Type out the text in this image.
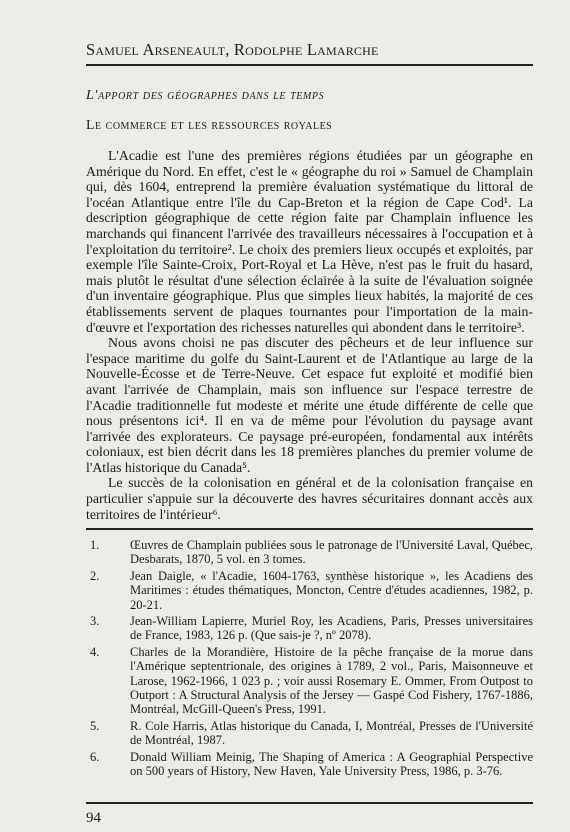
Samuel Arseneault, Rodolphe Lamarche
L'apport des géographes dans le temps
Le commerce et les ressources royales

L'Acadie est l'une des premières régions étudiées par un géographe en Amérique du Nord. En effet, c'est le « géographe du roi » Samuel de Champlain qui, dès 1604, entreprend la première évaluation systématique du littoral de l'océan Atlantique entre l'île du Cap-Breton et la région de Cape Cod¹. La description géographique de cette région faite par Champlain influence les marchands qui financent l'arrivée des travailleurs nécessaires à l'occupation et à l'exploitation du territoire². Le choix des premiers lieux occupés et exploités, par exemple l'île Sainte-Croix, Port-Royal et La Hève, n'est pas le fruit du hasard, mais plutôt le résultat d'une sélection éclairée à la suite de l'évaluation soignée d'un inventaire géographique. Plus que simples lieux habités, la majorité de ces établissements servent de plaques tournantes pour l'importation de la main-d'œuvre et l'exportation des richesses naturelles qui abondent dans le territoire³.

Nous avons choisi ne pas discuter des pêcheurs et de leur influence sur l'espace maritime du golfe du Saint-Laurent et de l'Atlantique au large de la Nouvelle-Écosse et de Terre-Neuve. Cet espace fut exploité et modifié bien avant l'arrivée de Champlain, mais son influence sur l'espace terrestre de l'Acadie traditionnelle fut modeste et mérite une étude différente de celle que nous présentons ici⁴. Il en va de même pour l'évolution du paysage avant l'arrivée des explorateurs. Ce paysage pré-européen, fondamental aux intérêts coloniaux, est bien décrit dans les 18 premières planches du premier volume de l'Atlas historique du Canada⁵.

Le succès de la colonisation en général et de la colonisation française en particulier s'appuie sur la découverte des havres sécuritaires donnant accès aux territoires de l'intérieur⁶.

1.	Œuvres de Champlain publiées sous le patronage de l'Université Laval, Québec, Desbarats, 1870, 5 vol. en 3 tomes.
2.	Jean Daigle, « l'Acadie, 1604-1763, synthèse historique », les Acadiens des Maritimes : études thématiques, Moncton, Centre d'études acadiennes, 1982, p. 20-21.
3.	Jean-William Lapierre, Muriel Roy, les Acadiens, Paris, Presses universitaires de France, 1983, 126 p. (Que sais-je ?, nº 2078).
4.	Charles de la Morandière, Histoire de la pêche française de la morue dans l'Amérique septentrionale, des origines à 1789, 2 vol., Paris, Maisonneuve et Larose, 1962-1966, 1 023 p. ; voir aussi Rosemary E. Ommer, From Outpost to Outport : A Structural Analysis of the Jersey — Gaspé Cod Fishery, 1767-1886, Montréal, McGill-Queen's Press, 1991.
5.	R. Cole Harris, Atlas historique du Canada, I, Montréal, Presses de l'Université de Montréal, 1987.
6.	Donald William Meinig, The Shaping of America : A Geographial Perspective on 500 years of History, New Haven, Yale University Press, 1986, p. 3-76.
94
